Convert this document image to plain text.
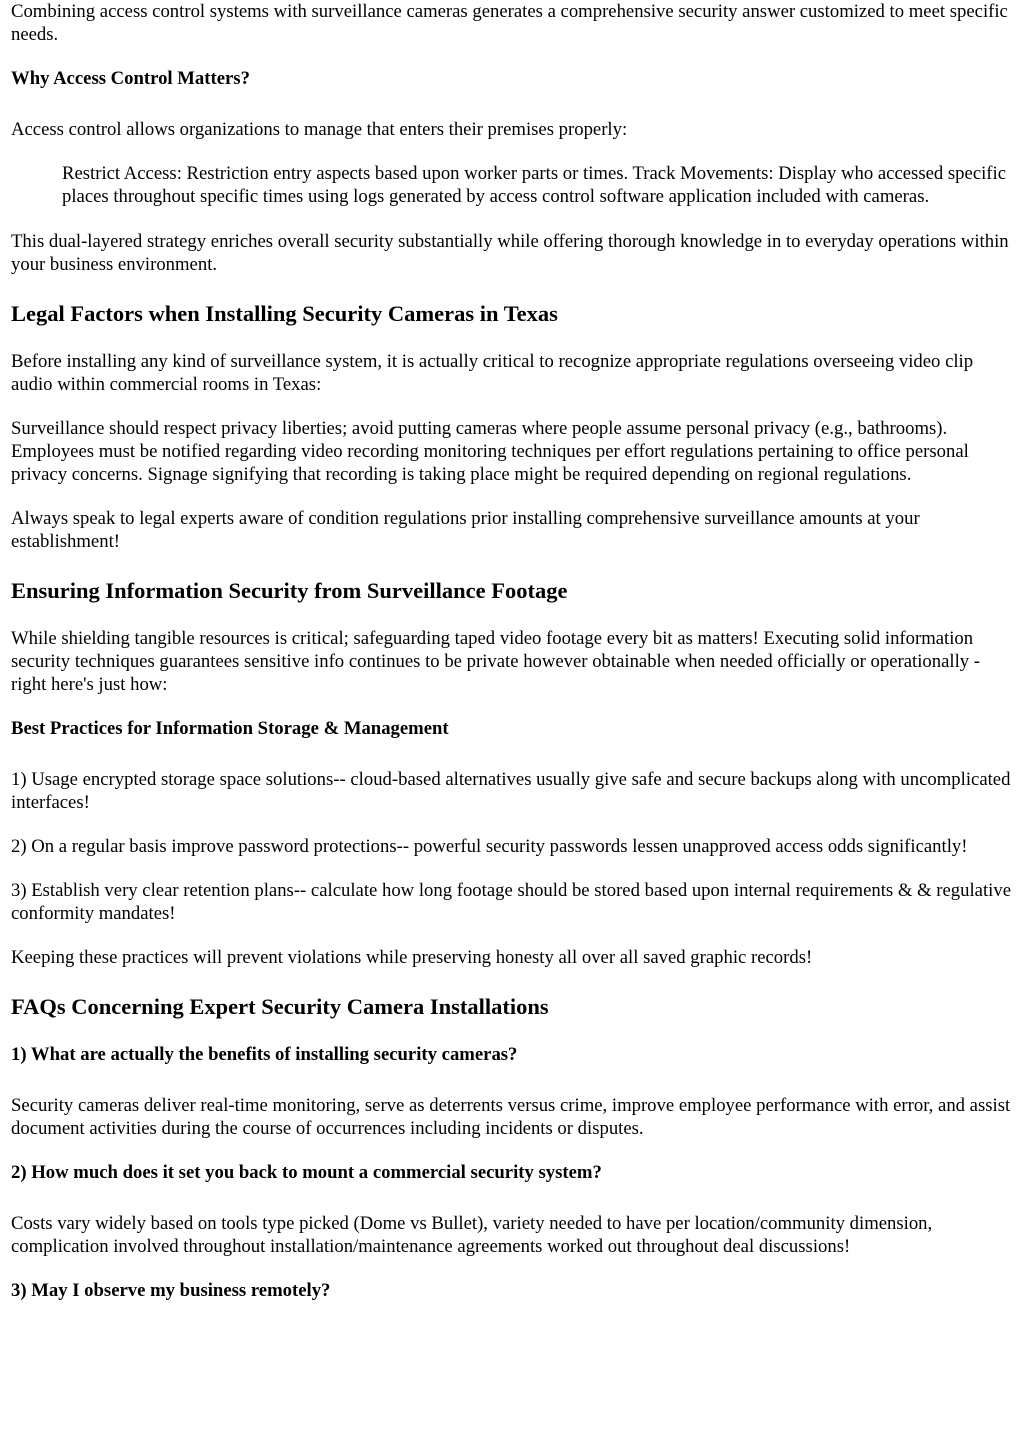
Combining access control systems with surveillance cameras generates a comprehensive security answer customized to meet specific needs.

Why Access Control Matters?

Access control allows organizations to manage that enters their premises properly:

Restrict Access: Restriction entry aspects based upon worker parts or times. Track Movements: Display who accessed specific places throughout specific times using logs generated by access control software application included with cameras.

This dual-layered strategy enriches overall security substantially while offering thorough knowledge in to everyday operations within your business environment.

Legal Factors when Installing Security Cameras in Texas

Before installing any kind of surveillance system, it is actually critical to recognize appropriate regulations overseeing video clip audio within commercial rooms in Texas:

Surveillance should respect privacy liberties; avoid putting cameras where people assume personal privacy (e.g., bathrooms). Employees must be notified regarding video recording monitoring techniques per effort regulations pertaining to office personal privacy concerns. Signage signifying that recording is taking place might be required depending on regional regulations.

Always speak to legal experts aware of condition regulations prior installing comprehensive surveillance amounts at your establishment!

Ensuring Information Security from Surveillance Footage

While shielding tangible resources is critical; safeguarding taped video footage every bit as matters! Executing solid information security techniques guarantees sensitive info continues to be private however obtainable when needed officially or operationally - right here's just how:

Best Practices for Information Storage & Management

1) Usage encrypted storage space solutions-- cloud-based alternatives usually give safe and secure backups along with uncomplicated interfaces!

2) On a regular basis improve password protections-- powerful security passwords lessen unapproved access odds significantly!

3) Establish very clear retention plans-- calculate how long footage should be stored based upon internal requirements & & regulative conformity mandates!

Keeping these practices will prevent violations while preserving honesty all over all saved graphic records!

FAQs Concerning Expert Security Camera Installations
1) What are actually the benefits of installing security cameras?

Security cameras deliver real-time monitoring, serve as deterrents versus crime, improve employee performance with error, and assist document activities during the course of occurrences including incidents or disputes.

2) How much does it set you back to mount a commercial security system?

Costs vary widely based on tools type picked (Dome vs Bullet), variety needed to have per location/community dimension, complication involved throughout installation/maintenance agreements worked out throughout deal discussions!

3) May I observe my business remotely?
